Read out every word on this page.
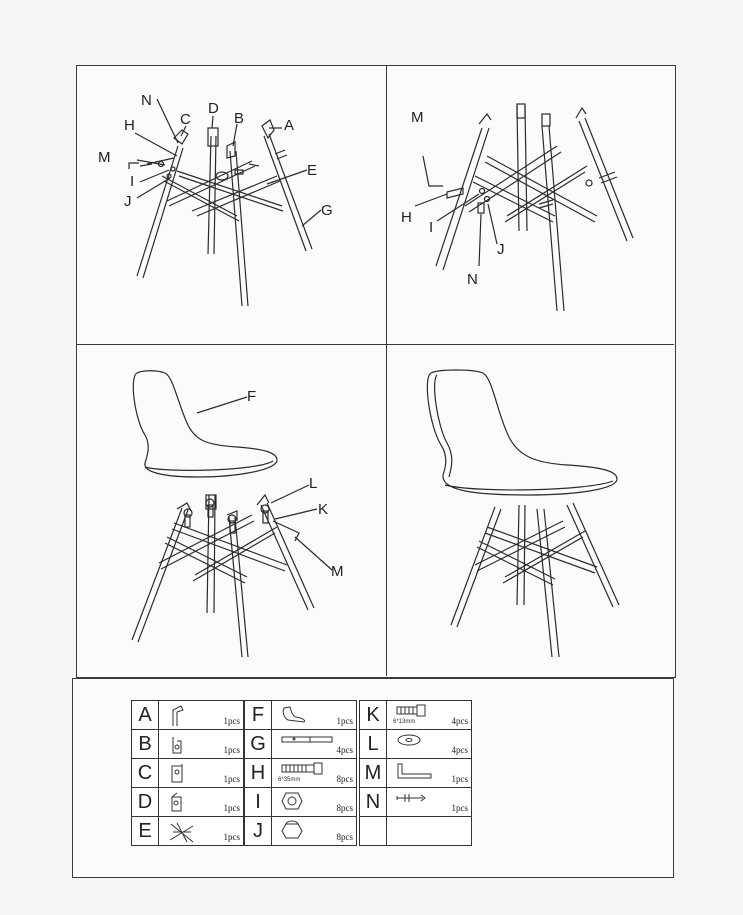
N	D
H	C	B	A
M
I
J
E
G
M
H
I
J
N
F
L
K
M
A	1pcs

B	1pcs

C	1pcs

D	1pcs

E	1pcs
F	1pcs

G	4pcs

H	6*35mm 8pcs

I	8pcs

J	8pcs
K	6*13mm 4pcs

L	4pcs

M	1pcs

N	1pcs
